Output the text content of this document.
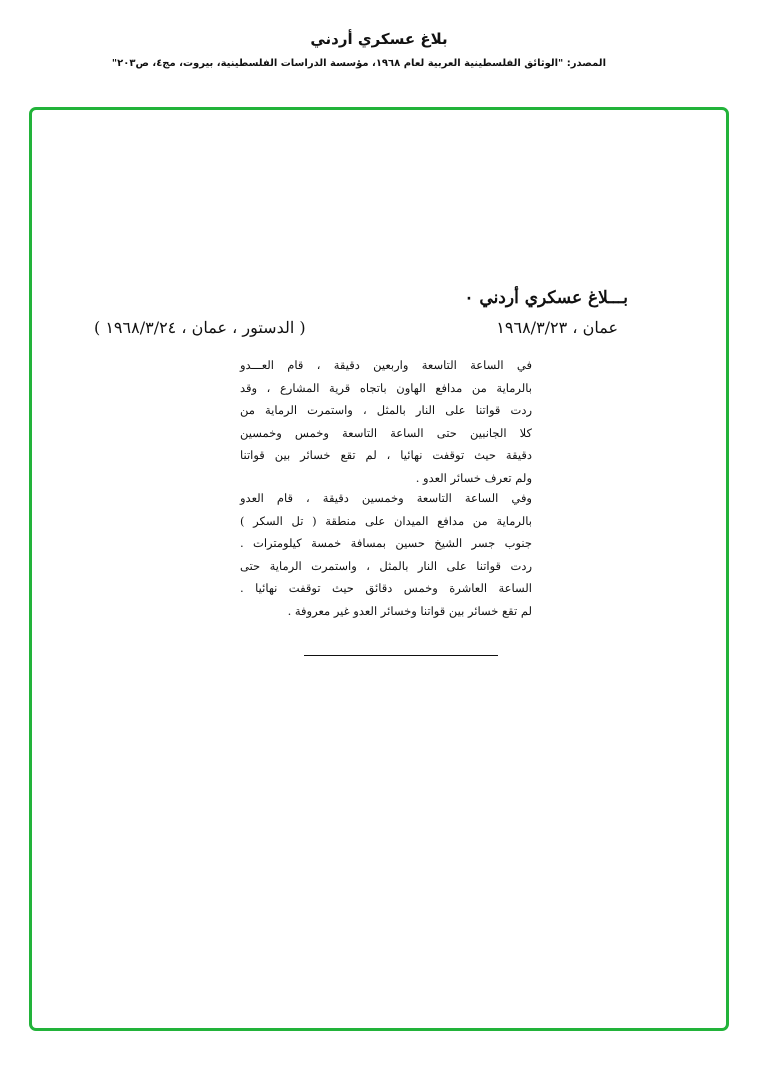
بلاغ عسكري أردني
المصدر: "الوثائق الفلسطينية العربية لعام ١٩٦٨، مؤسسة الدراسات الفلسطينية، بيروت، مج٤، ص٢٠٣"
بـــلاغ عسكري أردني ٠
عمان ، ١٩٦٨/٣/٢٣
( الدستور ، عمان ، ١٩٦٨/٣/٢٤ )
في الساعة التاسعة واربعين دقيقة ، قام العـــدو
بالرماية من مدافع الهاون باتجاه قرية المشارع ، وقد
ردت قواتنا على النار بالمثل ، واستمرت الرماية من
كلا الجانبين حتى الساعة التاسعة وخمس وخمسين
دقيقة حيث توقفت نهائيا ، لم تقع خسائر بين قواتنا
ولم تعرف خسائر العدو .
وفي الساعة التاسعة وخمسين دقيقة ، قام العدو
بالرماية من مدافع الميدان على منطقة ( تل السكر )
جنوب جسر الشيخ حسين بمسافة خمسة كيلومترات .
ردت قواتنا على النار بالمثل ، واستمرت الرماية حتى
الساعة العاشرة وخمس دقائق حيث توقفت نهائيا .
لم تقع خسائر بين قواتنا وخسائر العدو غير معروفة .
